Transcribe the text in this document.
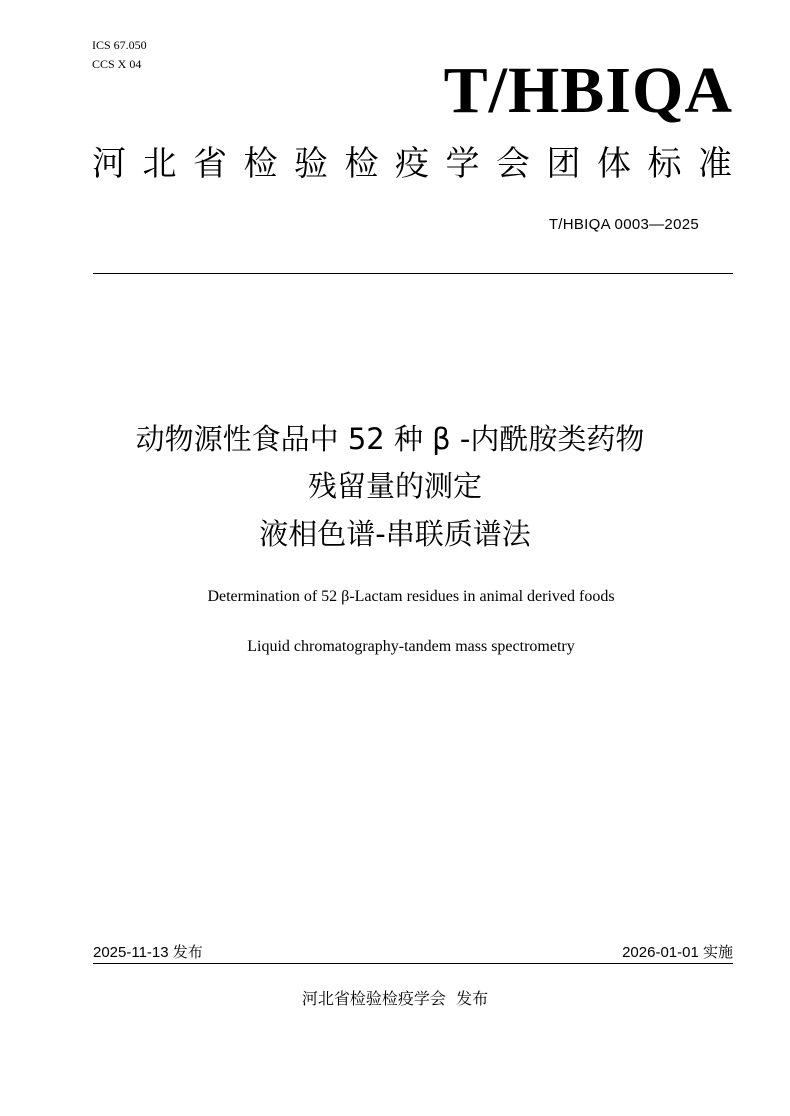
ICS 67.050
CCS X 04	T/HBIQA
河 北 省 检 验 检 疫 学 会 团 体 标 准
T/HBIQA 0003—2025
动物源性食品中 52 种 β -内酰胺类药物
残留量的测定
液相色谱-串联质谱法
Determination of 52 β-Lactam residues in animal derived foods
Liquid chromatography-tandem mass spectrometry
2025-11-13 发布	2026-01-01 实施
河北省检验检疫学会  发布
